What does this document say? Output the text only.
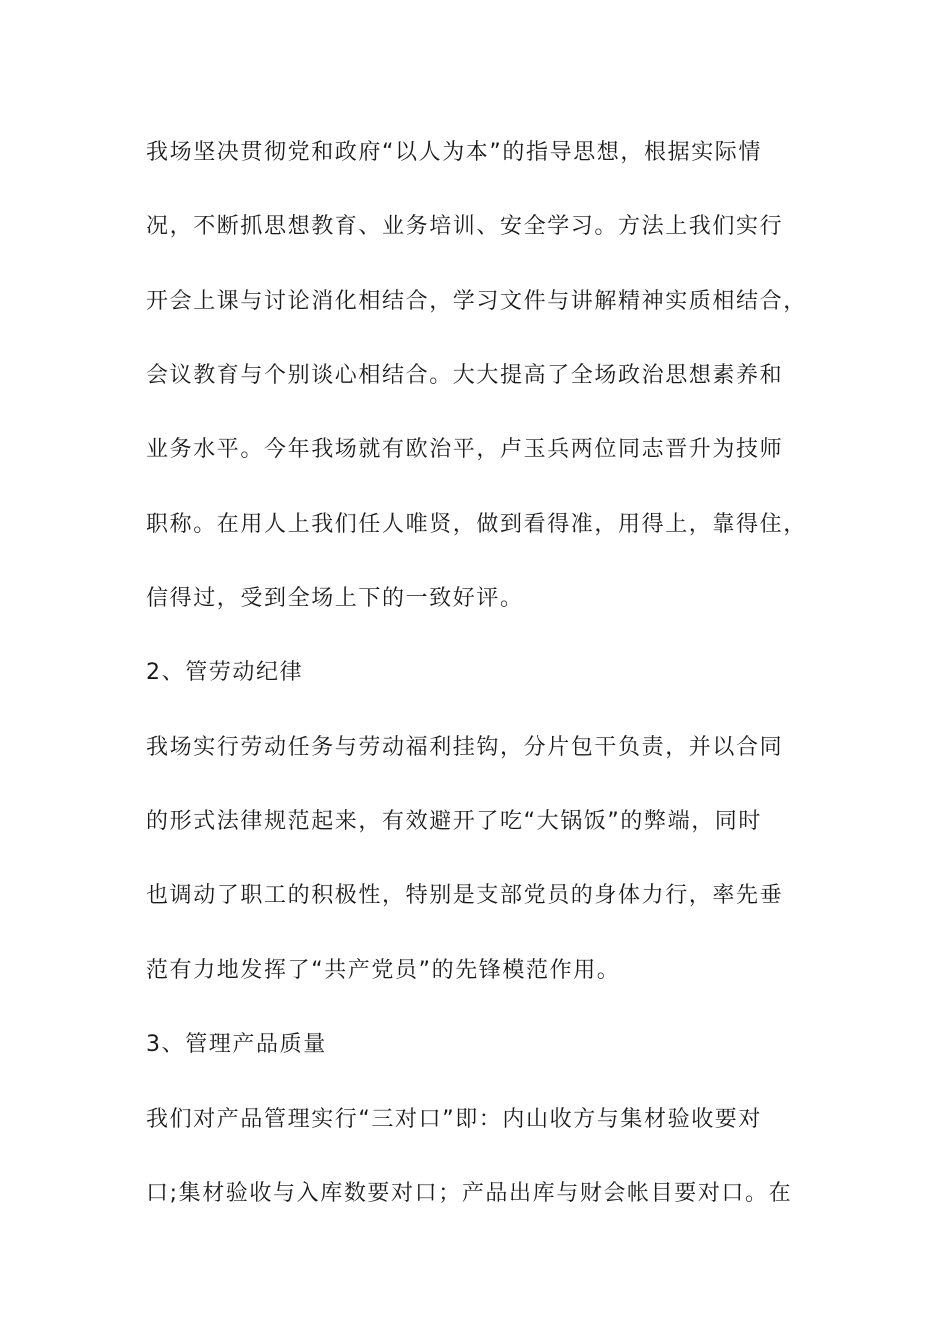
我场坚决贯彻党和政府“以人为本”的指导思想，根据实际情
况，不断抓思想教育、业务培训、安全学习。方法上我们实行
开会上课与讨论消化相结合，学习文件与讲解精神实质相结合，
会议教育与个别谈心相结合。大大提高了全场政治思想素养和
业务水平。今年我场就有欧治平，卢玉兵两位同志晋升为技师
职称。在用人上我们任人唯贤，做到看得准，用得上，靠得住，
信得过，受到全场上下的一致好评。
2、管劳动纪律
我场实行劳动任务与劳动福利挂钩，分片包干负责，并以合同
的形式法律规范起来，有效避开了吃“大锅饭”的弊端，同时
也调动了职工的积极性，特别是支部党员的身体力行，率先垂
范有力地发挥了“共产党员”的先锋模范作用。
3、管理产品质量
我们对产品管理实行“三对口”即：内山收方与集材验收要对
口;集材验收与入库数要对口；产品出库与财会帐目要对口。在
